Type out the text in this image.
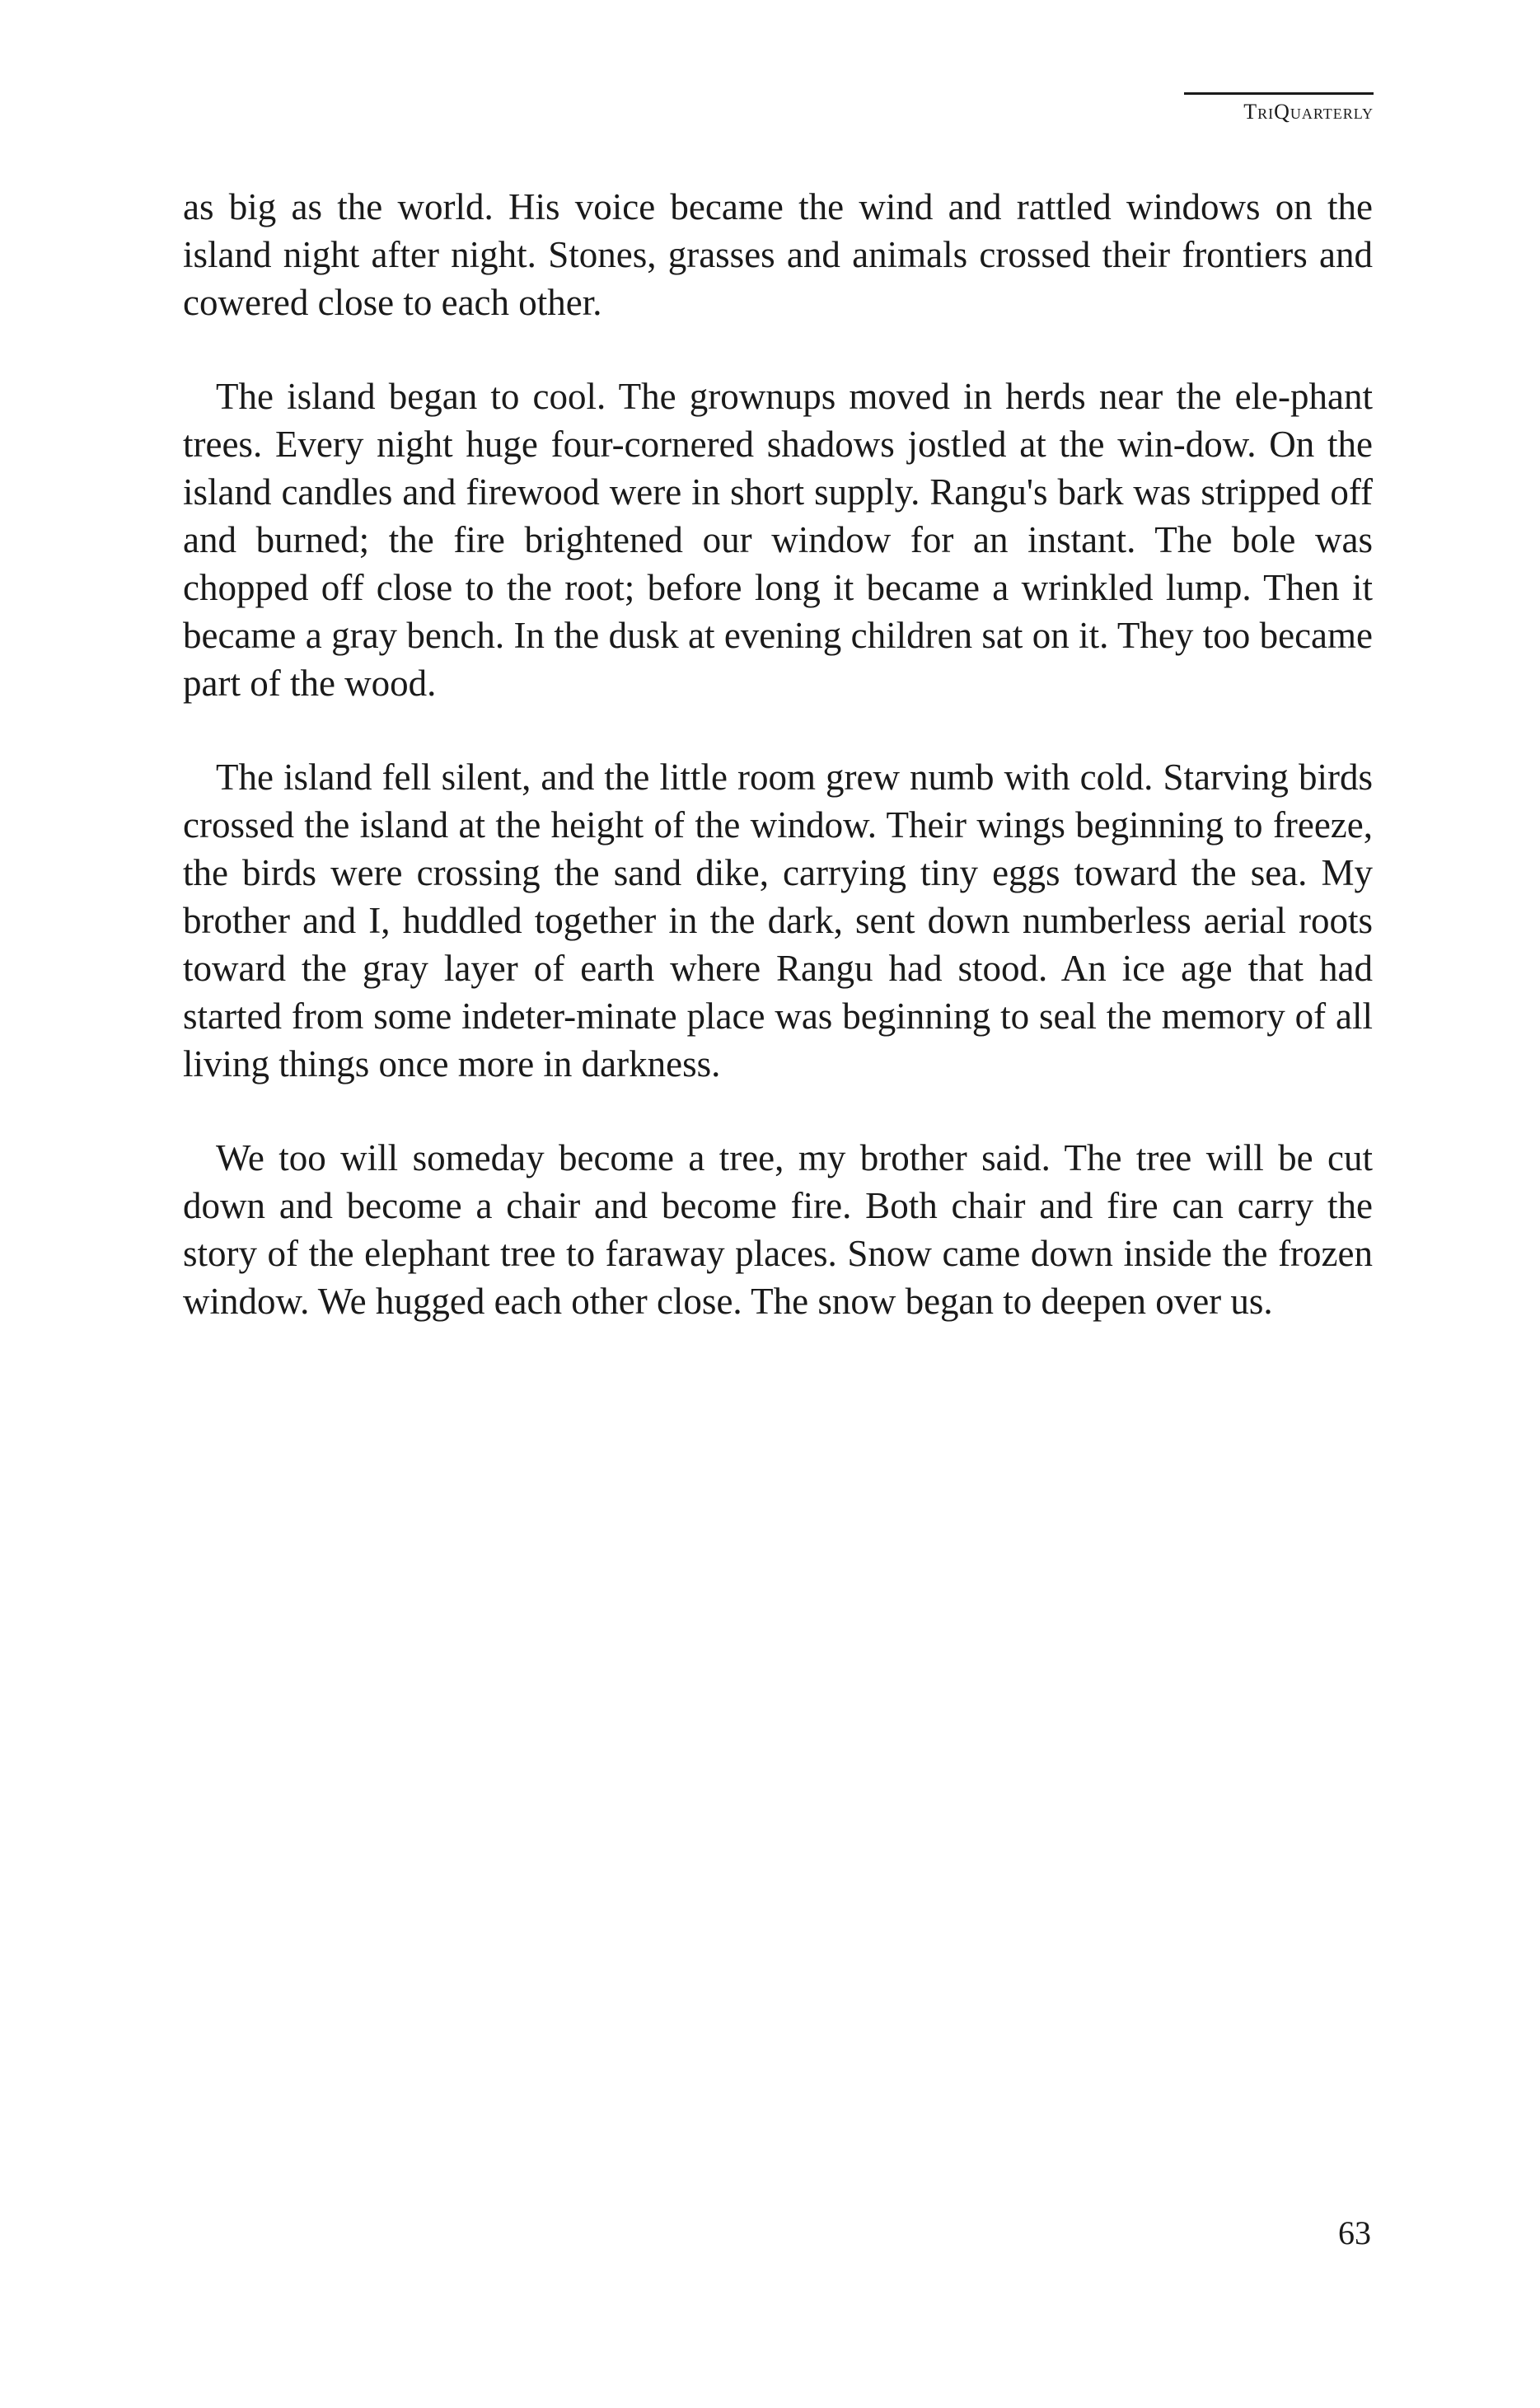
TriQuarterly

as big as the world. His voice became the wind and rattled windows on the island night after night. Stones, grasses and animals crossed their frontiers and cowered close to each other.

The island began to cool. The grownups moved in herds near the ele-phant trees. Every night huge four-cornered shadows jostled at the win-dow. On the island candles and firewood were in short supply. Rangu's bark was stripped off and burned; the fire brightened our window for an instant. The bole was chopped off close to the root; before long it became a wrinkled lump. Then it became a gray bench. In the dusk at evening children sat on it. They too became part of the wood.

The island fell silent, and the little room grew numb with cold. Starving birds crossed the island at the height of the window. Their wings beginning to freeze, the birds were crossing the sand dike, carrying tiny eggs toward the sea. My brother and I, huddled together in the dark, sent down numberless aerial roots toward the gray layer of earth where Rangu had stood. An ice age that had started from some indeter-minate place was beginning to seal the memory of all living things once more in darkness.

We too will someday become a tree, my brother said. The tree will be cut down and become a chair and become fire. Both chair and fire can carry the story of the elephant tree to faraway places. Snow came down inside the frozen window. We hugged each other close. The snow began to deepen over us.

63
